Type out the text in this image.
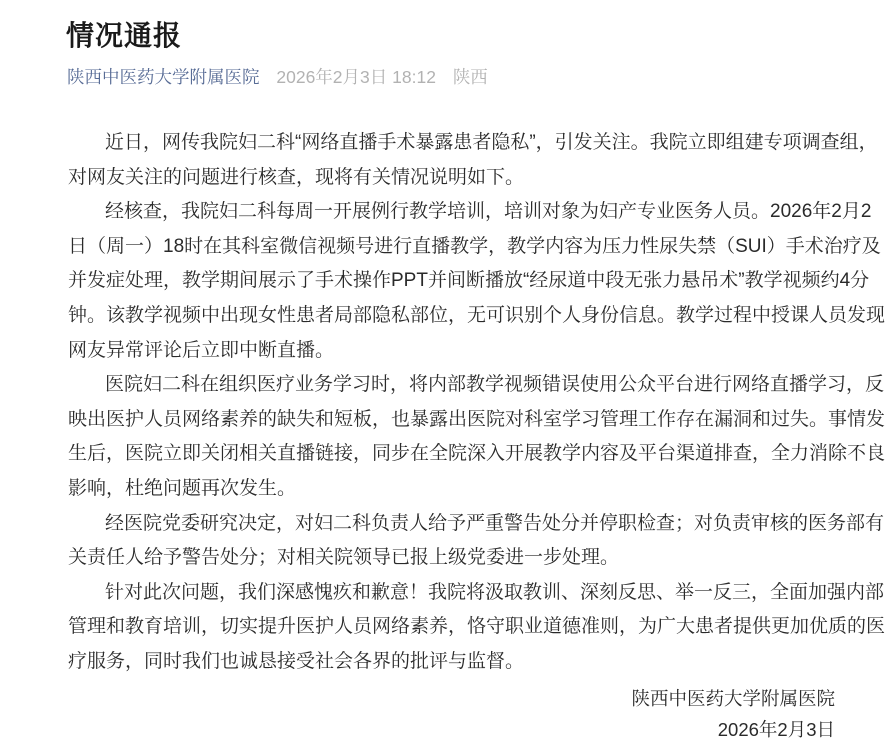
情况通报
陕西中医药大学附属医院 2026年2月3日 18:12 陕西
近日，网传我院妇二科“网络直播手术暴露患者隐私”，引发关注。我院立即组建专项调查组，
对网友关注的问题进行核查，现将有关情况说明如下。
经核查，我院妇二科每周一开展例行教学培训，培训对象为妇产专业医务人员。2026年2月2
日（周一）18时在其科室微信视频号进行直播教学，教学内容为压力性尿失禁（SUI）手术治疗及
并发症处理，教学期间展示了手术操作PPT并间断播放“经尿道中段无张力悬吊术”教学视频约4分
钟。该教学视频中出现女性患者局部隐私部位，无可识别个人身份信息。教学过程中授课人员发现
网友异常评论后立即中断直播。
医院妇二科在组织医疗业务学习时，将内部教学视频错误使用公众平台进行网络直播学习，反
映出医护人员网络素养的缺失和短板，也暴露出医院对科室学习管理工作存在漏洞和过失。事情发
生后，医院立即关闭相关直播链接，同步在全院深入开展教学内容及平台渠道排查，全力消除不良
影响，杜绝问题再次发生。
经医院党委研究决定，对妇二科负责人给予严重警告处分并停职检查；对负责审核的医务部有
关责任人给予警告处分；对相关院领导已报上级党委进一步处理。
针对此次问题，我们深感愧疚和歉意！我院将汲取教训、深刻反思、举一反三，全面加强内部
管理和教育培训，切实提升医护人员网络素养，恪守职业道德准则，为广大患者提供更加优质的医
疗服务，同时我们也诚恳接受社会各界的批评与监督。
陕西中医药大学附属医院
2026年2月3日
